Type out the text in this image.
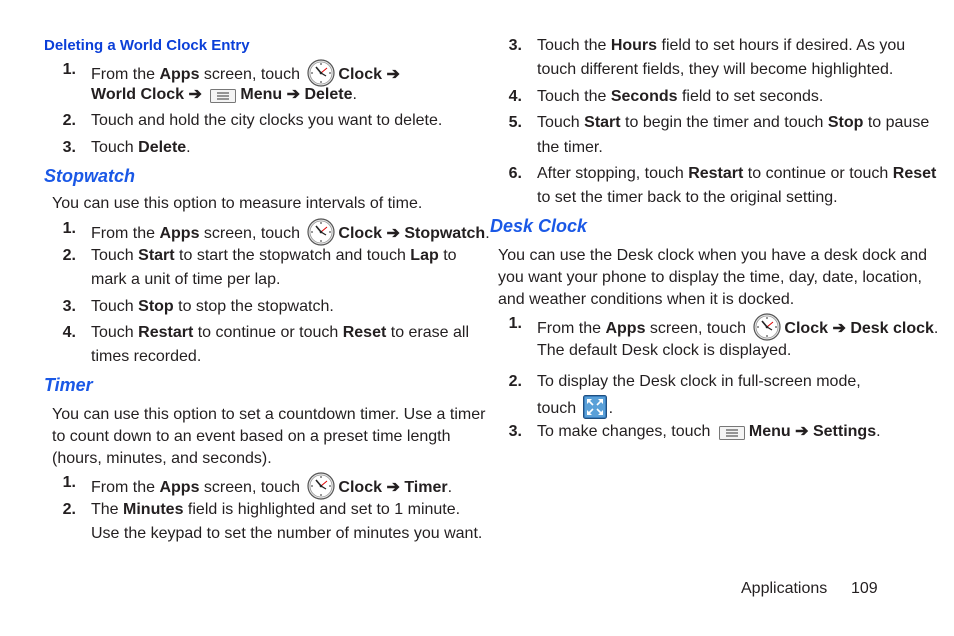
Deleting a World Clock Entry
1. From the Apps screen, touch Clock ➔
World Clock ➔ Menu ➔ Delete.
2. Touch and hold the city clocks you want to delete.
3. Touch Delete.
Stopwatch
You can use this option to measure intervals of time.
1. From the Apps screen, touch Clock ➔ Stopwatch.
2. Touch Start to start the stopwatch and touch Lap to
mark a unit of time per lap.
3. Touch Stop to stop the stopwatch.
4. Touch Restart to continue or touch Reset to erase all
times recorded.
Timer
You can use this option to set a countdown timer. Use a timer
to count down to an event based on a preset time length
(hours, minutes, and seconds).
1. From the Apps screen, touch Clock ➔ Timer.
2. The Minutes field is highlighted and set to 1 minute.
Use the keypad to set the number of minutes you want.
3. Touch the Hours field to set hours if desired. As you
touch different fields, they will become highlighted.
4. Touch the Seconds field to set seconds.
5. Touch Start to begin the timer and touch Stop to pause
the timer.
6. After stopping, touch Restart to continue or touch Reset
to set the timer back to the original setting.
Desk Clock
You can use the Desk clock when you have a desk dock and
you want your phone to display the time, day, date, location,
and weather conditions when it is docked.
1. From the Apps screen, touch Clock ➔ Desk clock.
The default Desk clock is displayed.
2. To display the Desk clock in full-screen mode,
touch .
3. To make changes, touch Menu ➔ Settings.
Applications 109
